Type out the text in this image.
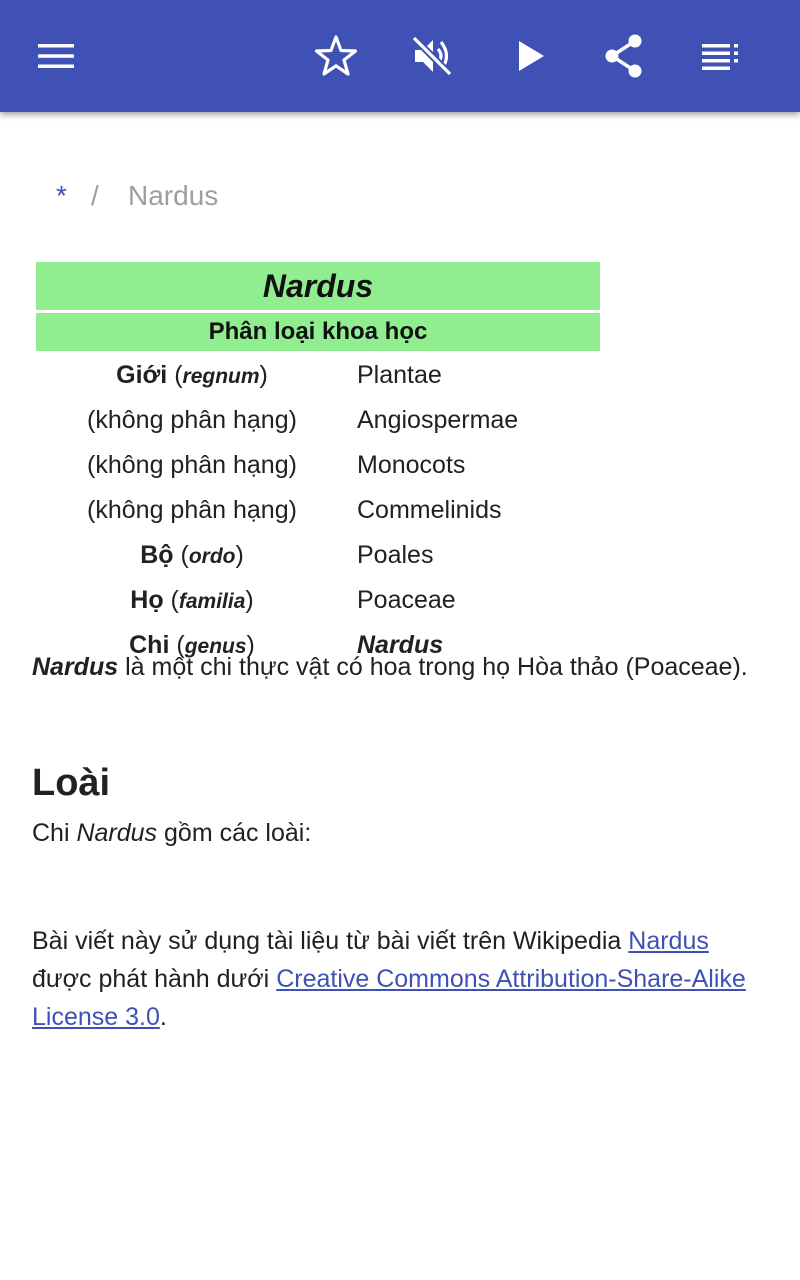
* / Nardus
Nardus	
Phân loại khoa học	
Giới (regnum)	Plantae
(không phân hạng)	Angiospermae
(không phân hạng)	Monocots
(không phân hạng)	Commelinids
Bộ (ordo)	Poales
Họ (familia)	Poaceae
Chi (genus)	Nardus

Nardus là một chi thực vật có hoa trong họ Hòa thảo (Poaceae).

Loài

Chi Nardus gồm các loài:

Bài viết này sử dụng tài liệu từ bài viết trên Wikipedia Nardus được phát hành dưới Creative Commons Attribution-Share-Alike License 3.0.
